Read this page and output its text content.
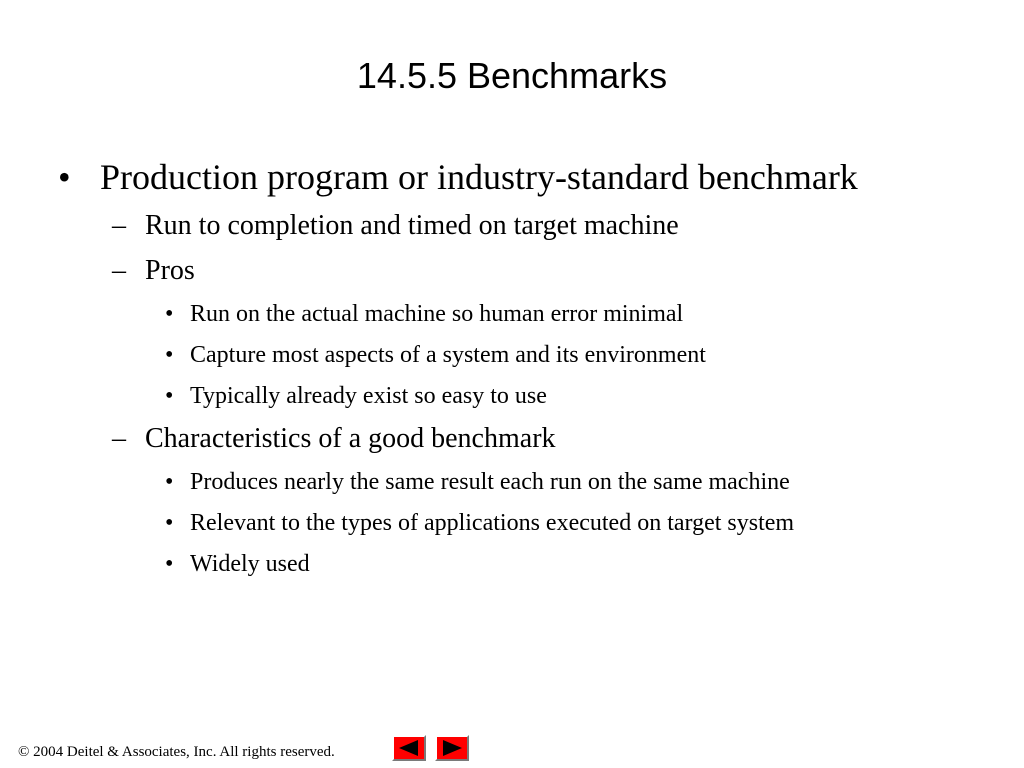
14.5.5 Benchmarks
• Production program or industry-standard benchmark
– Run to completion and timed on target machine
– Pros
• Run on the actual machine so human error minimal
• Capture most aspects of a system and its environment
• Typically already exist so easy to use
– Characteristics of a good benchmark
• Produces nearly the same result each run on the same machine
• Relevant to the types of applications executed on target system
• Widely used
© 2004 Deitel & Associates, Inc. All rights reserved.
